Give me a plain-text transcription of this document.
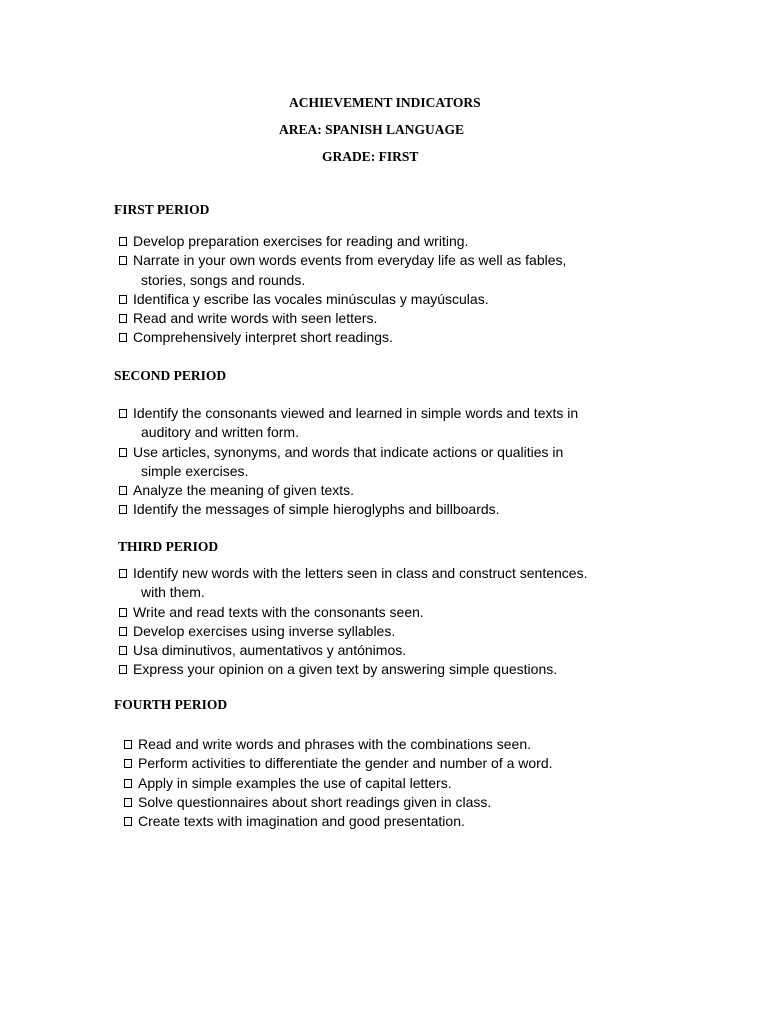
ACHIEVEMENT INDICATORS
AREA: SPANISH LANGUAGE
GRADE: FIRST
FIRST PERIOD
Develop preparation exercises for reading and writing.
Narrate in your own words events from everyday life as well as fables,
stories, songs and rounds.
Identifica y escribe las vocales minúsculas y mayúsculas.
Read and write words with seen letters.
Comprehensively interpret short readings.
SECOND PERIOD
Identify the consonants viewed and learned in simple words and texts in
auditory and written form.
Use articles, synonyms, and words that indicate actions or qualities in
simple exercises.
Analyze the meaning of given texts.
Identify the messages of simple hieroglyphs and billboards.
THIRD PERIOD
Identify new words with the letters seen in class and construct sentences.
with them.
Write and read texts with the consonants seen.
Develop exercises using inverse syllables.
Usa diminutivos, aumentativos y antónimos.
Express your opinion on a given text by answering simple questions.
FOURTH PERIOD
Read and write words and phrases with the combinations seen.
Perform activities to differentiate the gender and number of a word.
Apply in simple examples the use of capital letters.
Solve questionnaires about short readings given in class.
Create texts with imagination and good presentation.
